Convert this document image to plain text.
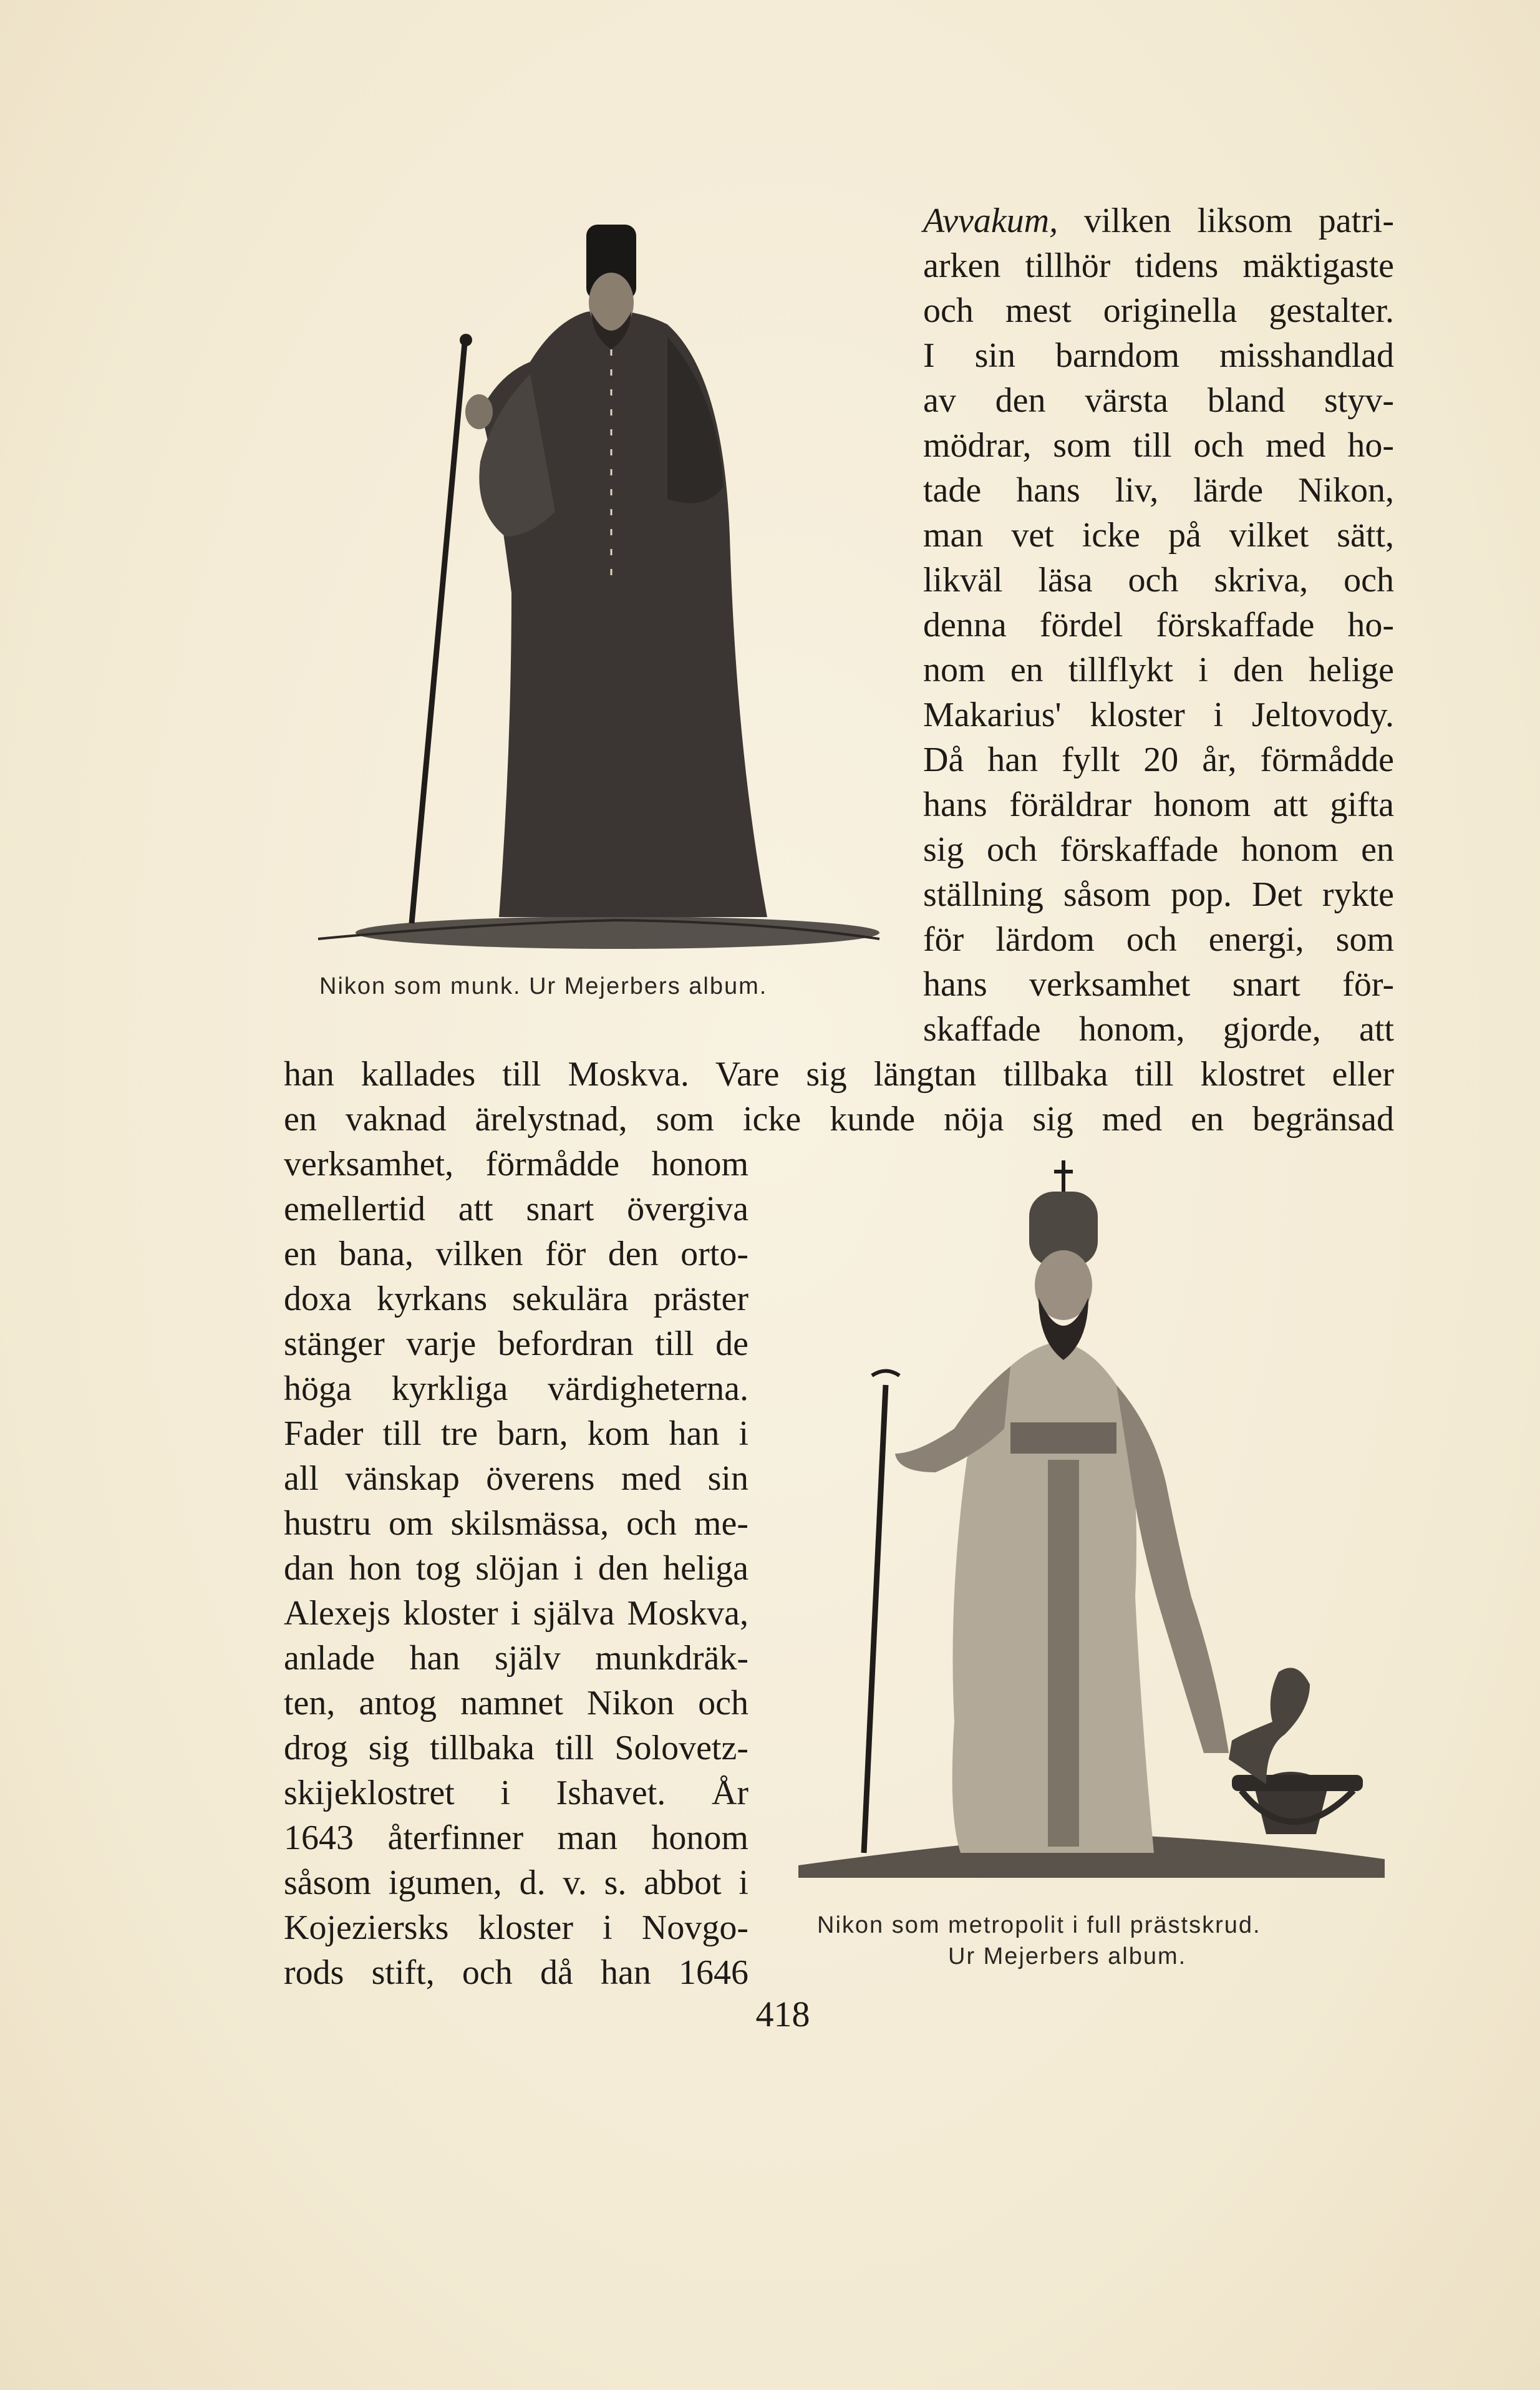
Nikon som munk. Ur Mejerbers album.
Avvakum, vilken liksom patri-
arken tillhör tidens mäktigaste
och mest originella gestalter.
I sin barndom misshandlad
av den värsta bland styv-
mödrar, som till och med ho-
tade hans liv, lärde Nikon,
man vet icke på vilket sätt,
likväl läsa och skriva, och
denna fördel förskaffade ho-
nom en tillflykt i den helige
Makarius' kloster i Jeltovody.
Då han fyllt 20 år, förmådde
hans föräldrar honom att gifta
sig och förskaffade honom en
ställning såsom pop. Det rykte
för lärdom och energi, som
hans verksamhet snart för-
skaffade honom, gjorde, att
han kallades till Moskva. Vare sig längtan tillbaka till klostret eller
en vaknad ärelystnad, som icke kunde nöja sig med en begränsad
verksamhet, förmådde honom
emellertid att snart övergiva
en bana, vilken för den orto-
doxa kyrkans sekulära präster
stänger varje befordran till de
höga kyrkliga värdigheterna.
Fader till tre barn, kom han i
all vänskap överens med sin
hustru om skilsmässa, och me-
dan hon tog slöjan i den heliga
Alexejs kloster i själva Moskva,
anlade han själv munkdräk-
ten, antog namnet Nikon och
drog sig tillbaka till Solovetz-
skijeklostret i Ishavet. År
1643 återfinner man honom
såsom igumen, d. v. s. abbot i
Kojeziersks kloster i Novgo-
rods stift, och då han 1646
Nikon som metropolit i full prästskrud.
Ur Mejerbers album.
418
